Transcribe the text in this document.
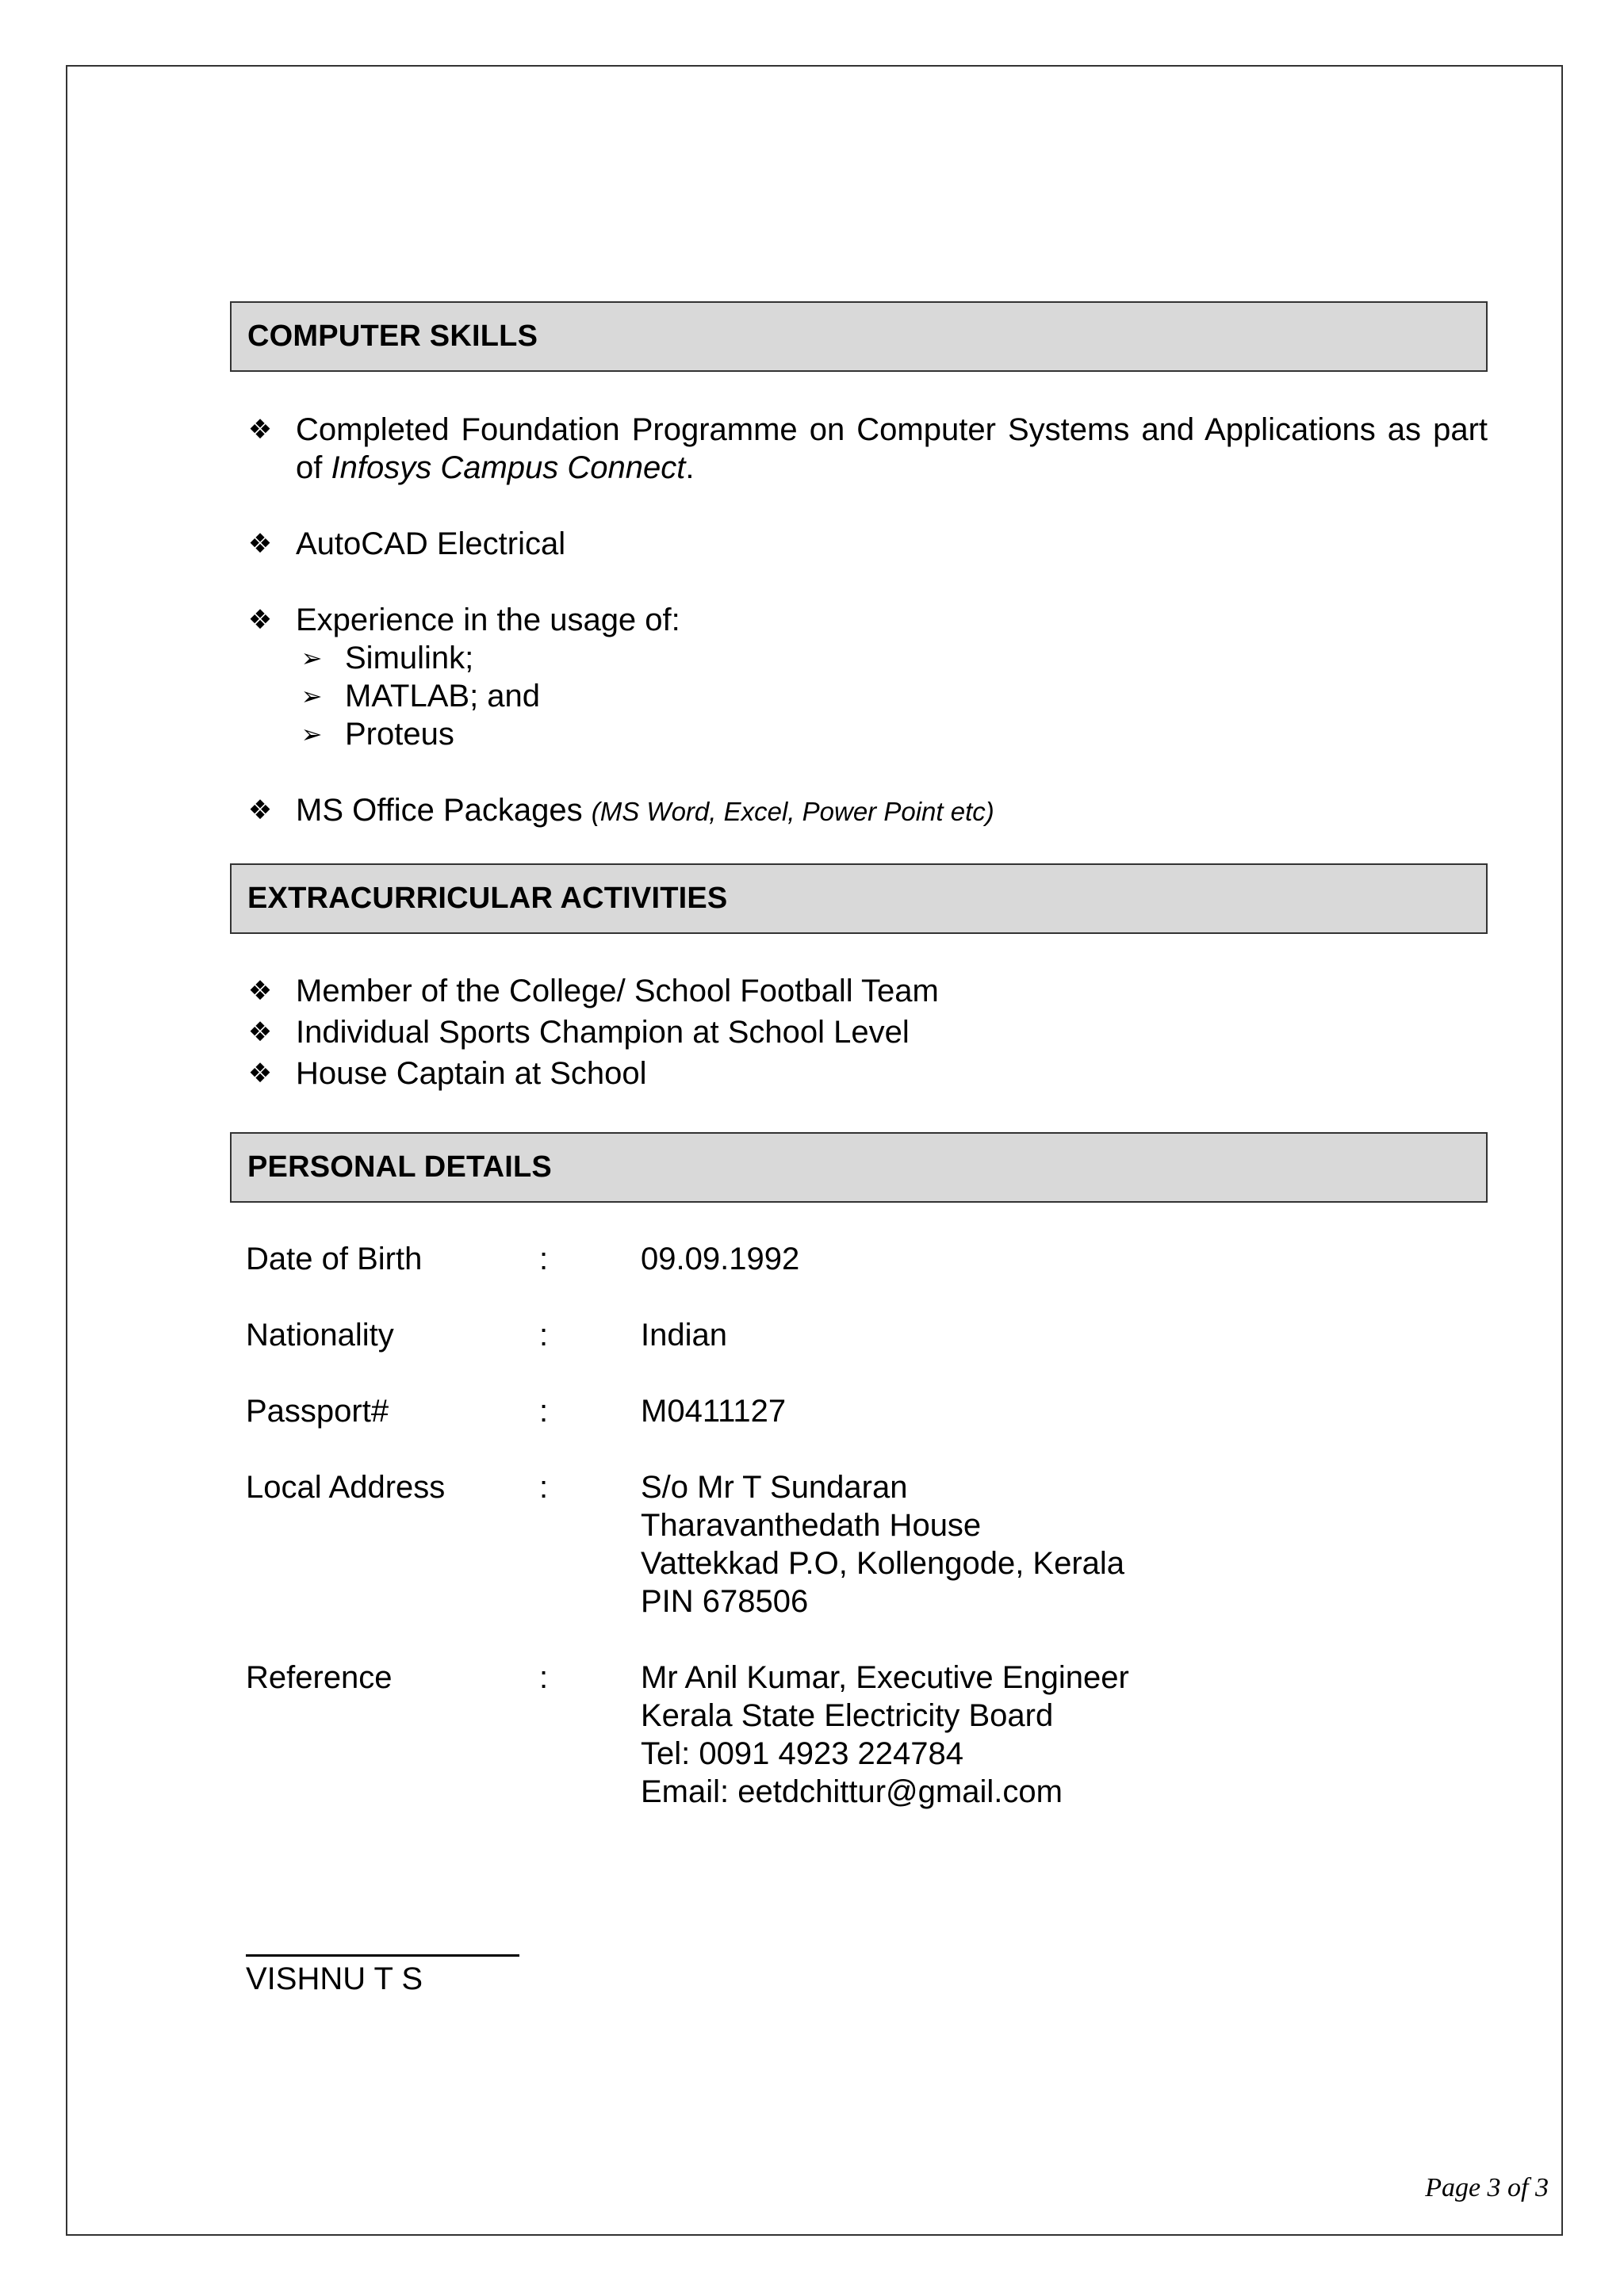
COMPUTER SKILLS
❖ Completed Foundation Programme on Computer Systems and Applications as part of Infosys Campus Connect.
❖ AutoCAD Electrical
❖ Experience in the usage of:
➢ Simulink;
➢ MATLAB; and
➢ Proteus
❖ MS Office Packages (MS Word, Excel, Power Point etc)
EXTRACURRICULAR ACTIVITIES
❖ Member of the College/ School Football Team
❖ Individual Sports Champion at School Level
❖ House Captain at School
PERSONAL DETAILS
Date of Birth	:	09.09.1992
Nationality	:	Indian
Passport#	:	M0411127
Local Address	:	S/o Mr T Sundaran
Tharavanthedath House
Vattekkad P.O, Kollengode, Kerala
PIN 678506
Reference	:	Mr Anil Kumar, Executive Engineer
Kerala State Electricity Board
Tel: 0091 4923 224784
Email: eetdchittur@gmail.com
VISHNU T S
Page 3 of 3
